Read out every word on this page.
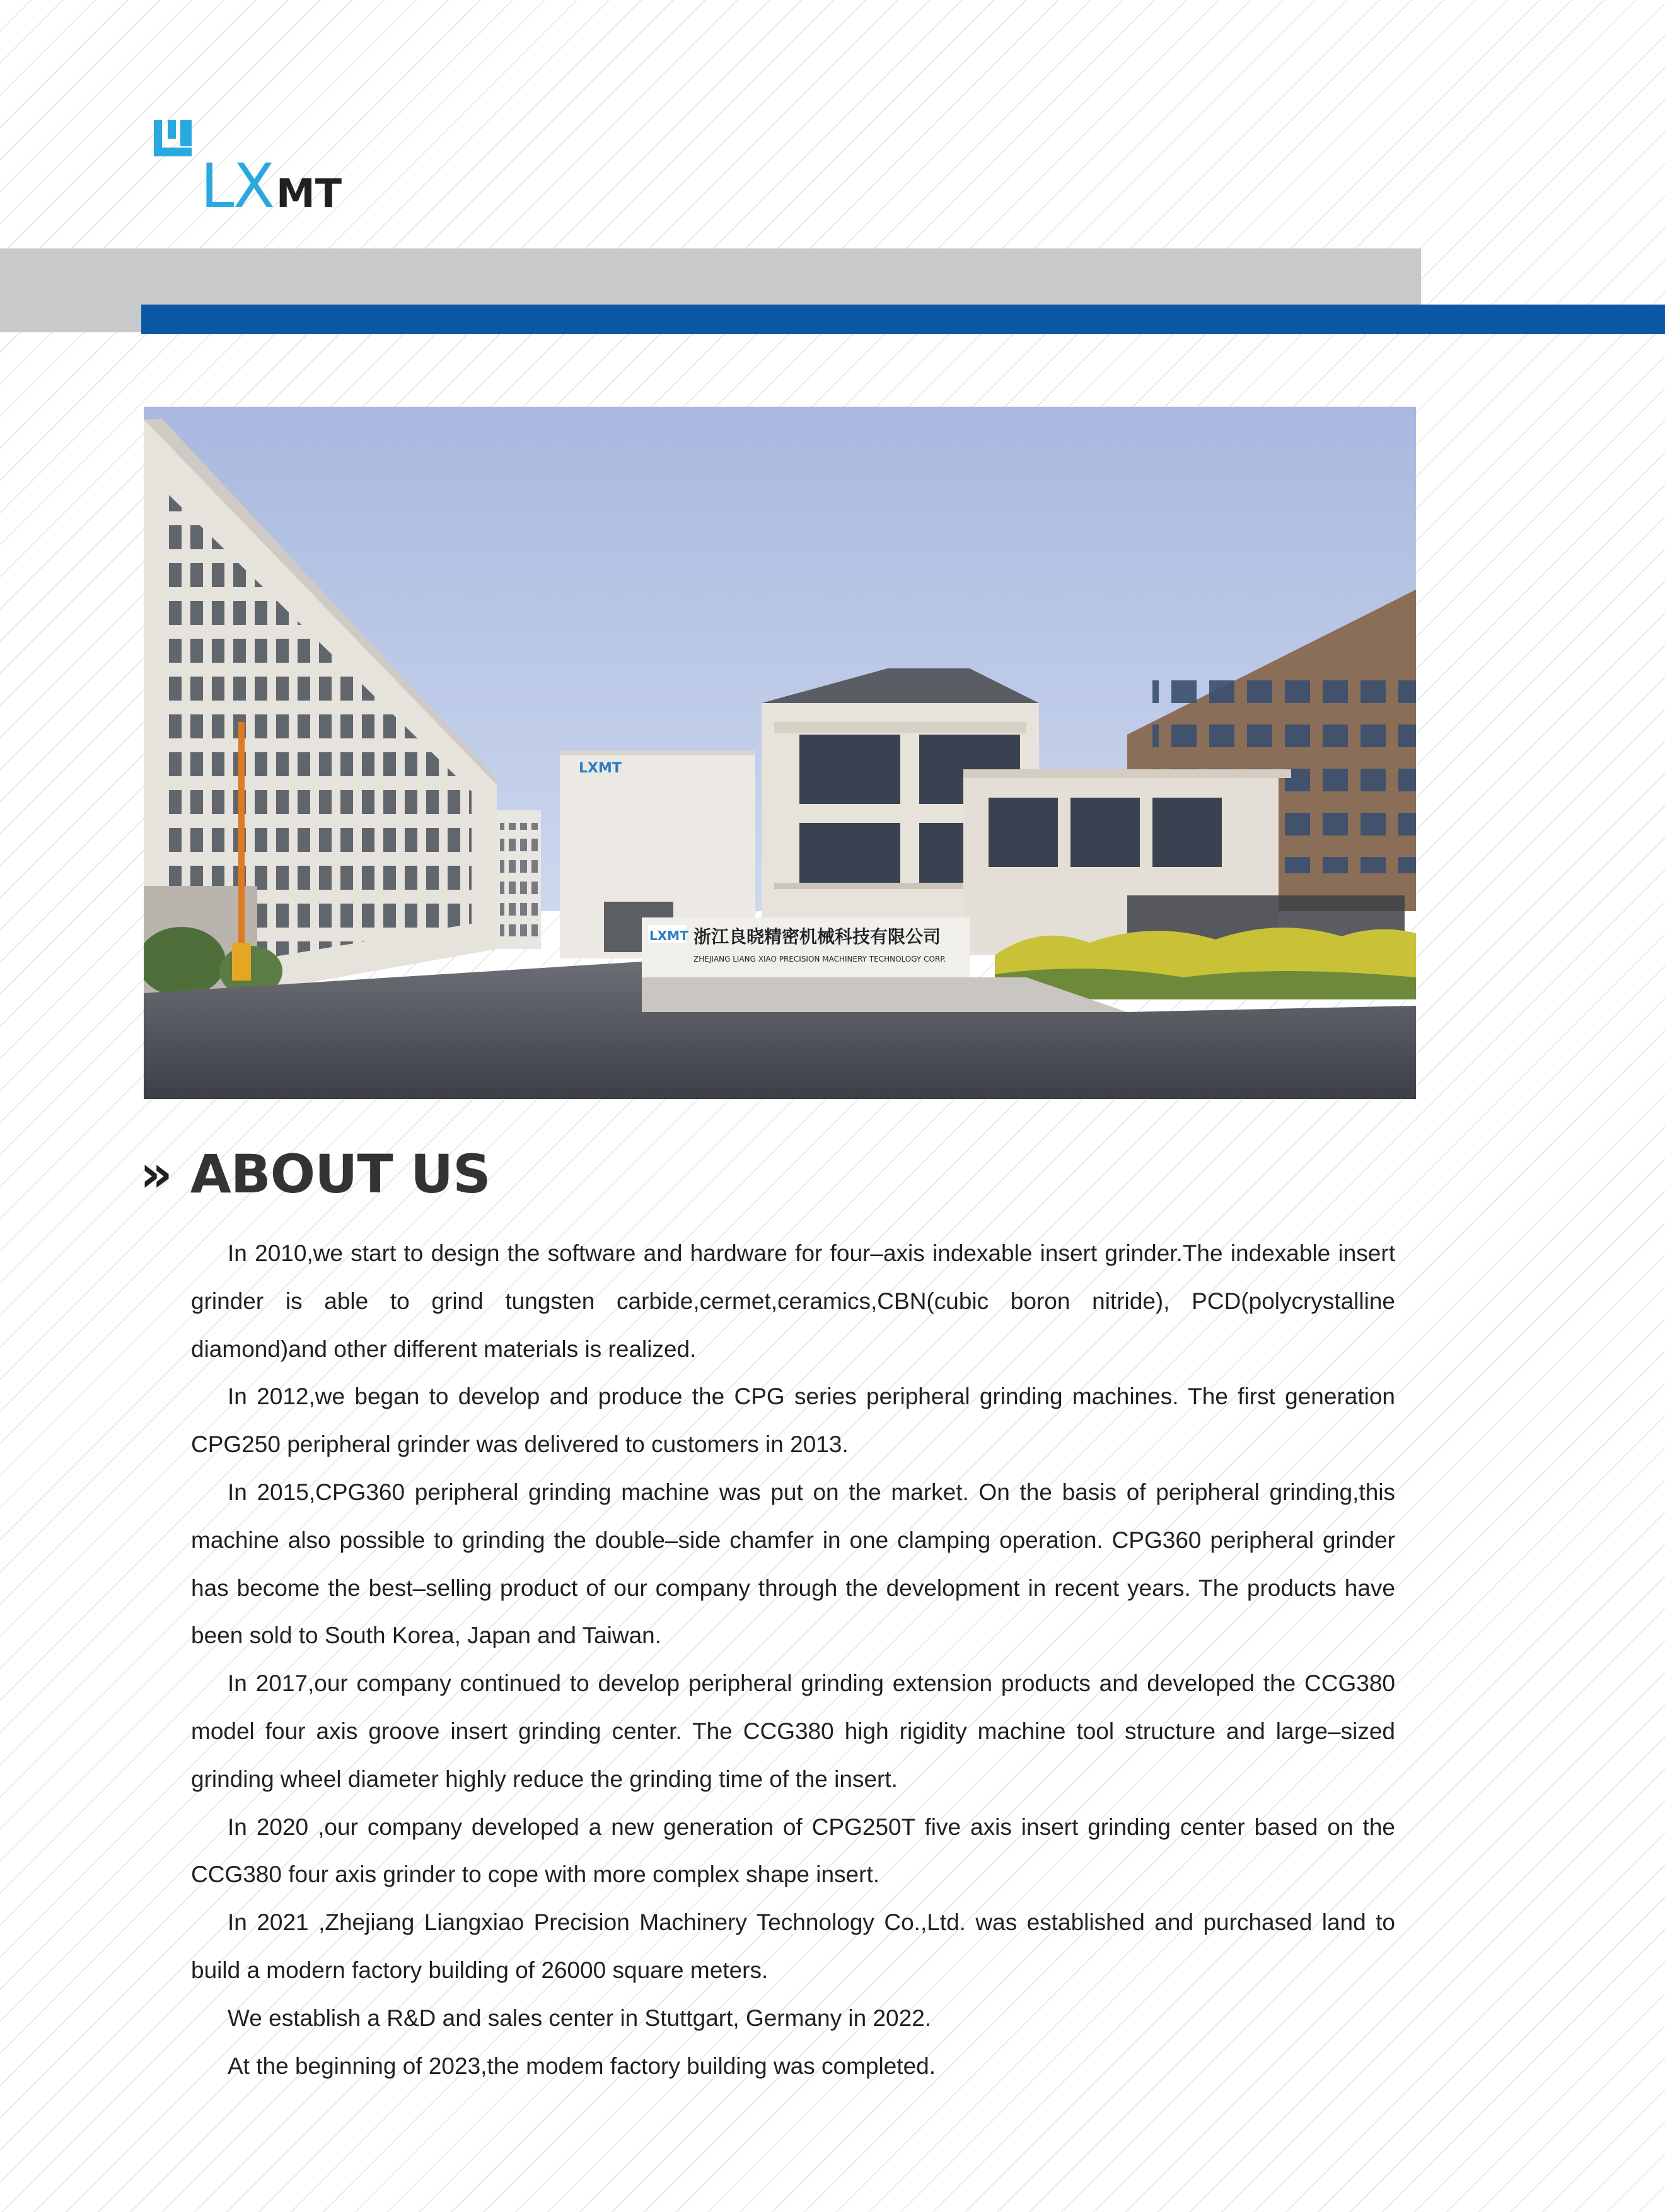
L
X MT
LXMT
LXMT 浙江良晓精密机械科技有限公司
ZHEJIANG LIANG XIAO PRECISION MACHINERY TECHNOLOGY CORP.
» ABOUT US

In 2010,we start to design the software and hardware for four–axis indexable insert grinder.The indexable insert grinder is able to grind tungsten carbide,cermet,ceramics,CBN(cubic boron nitride), PCD(polycrystalline diamond)and other different materials is realized.

In 2012,we began to develop and produce the CPG series peripheral grinding machines. The first generation CPG250 peripheral grinder was delivered to customers in 2013.

In 2015,CPG360 peripheral grinding machine was put on the market. On the basis of peripheral grinding,this machine also possible to grinding the double–side chamfer in one clamping operation. CPG360 peripheral grinder has become the best–selling product of our company through the development in recent years. The products have been sold to South Korea, Japan and Taiwan.

In 2017,our company continued to develop peripheral grinding extension products and developed the CCG380 model four axis groove insert grinding center. The CCG380 high rigidity machine tool structure and large–sized grinding wheel diameter highly reduce the grinding time of the insert.

In 2020 ,our company developed a new generation of CPG250T five axis insert grinding center based on the CCG380 four axis grinder to cope with more complex shape insert.

In 2021 ,Zhejiang Liangxiao Precision Machinery Technology Co.,Ltd. was established and purchased land to build a modern factory building of 26000 square meters.

We establish a R&D and sales center in Stuttgart, Germany in 2022.

At the beginning of 2023,the modem factory building was completed.
